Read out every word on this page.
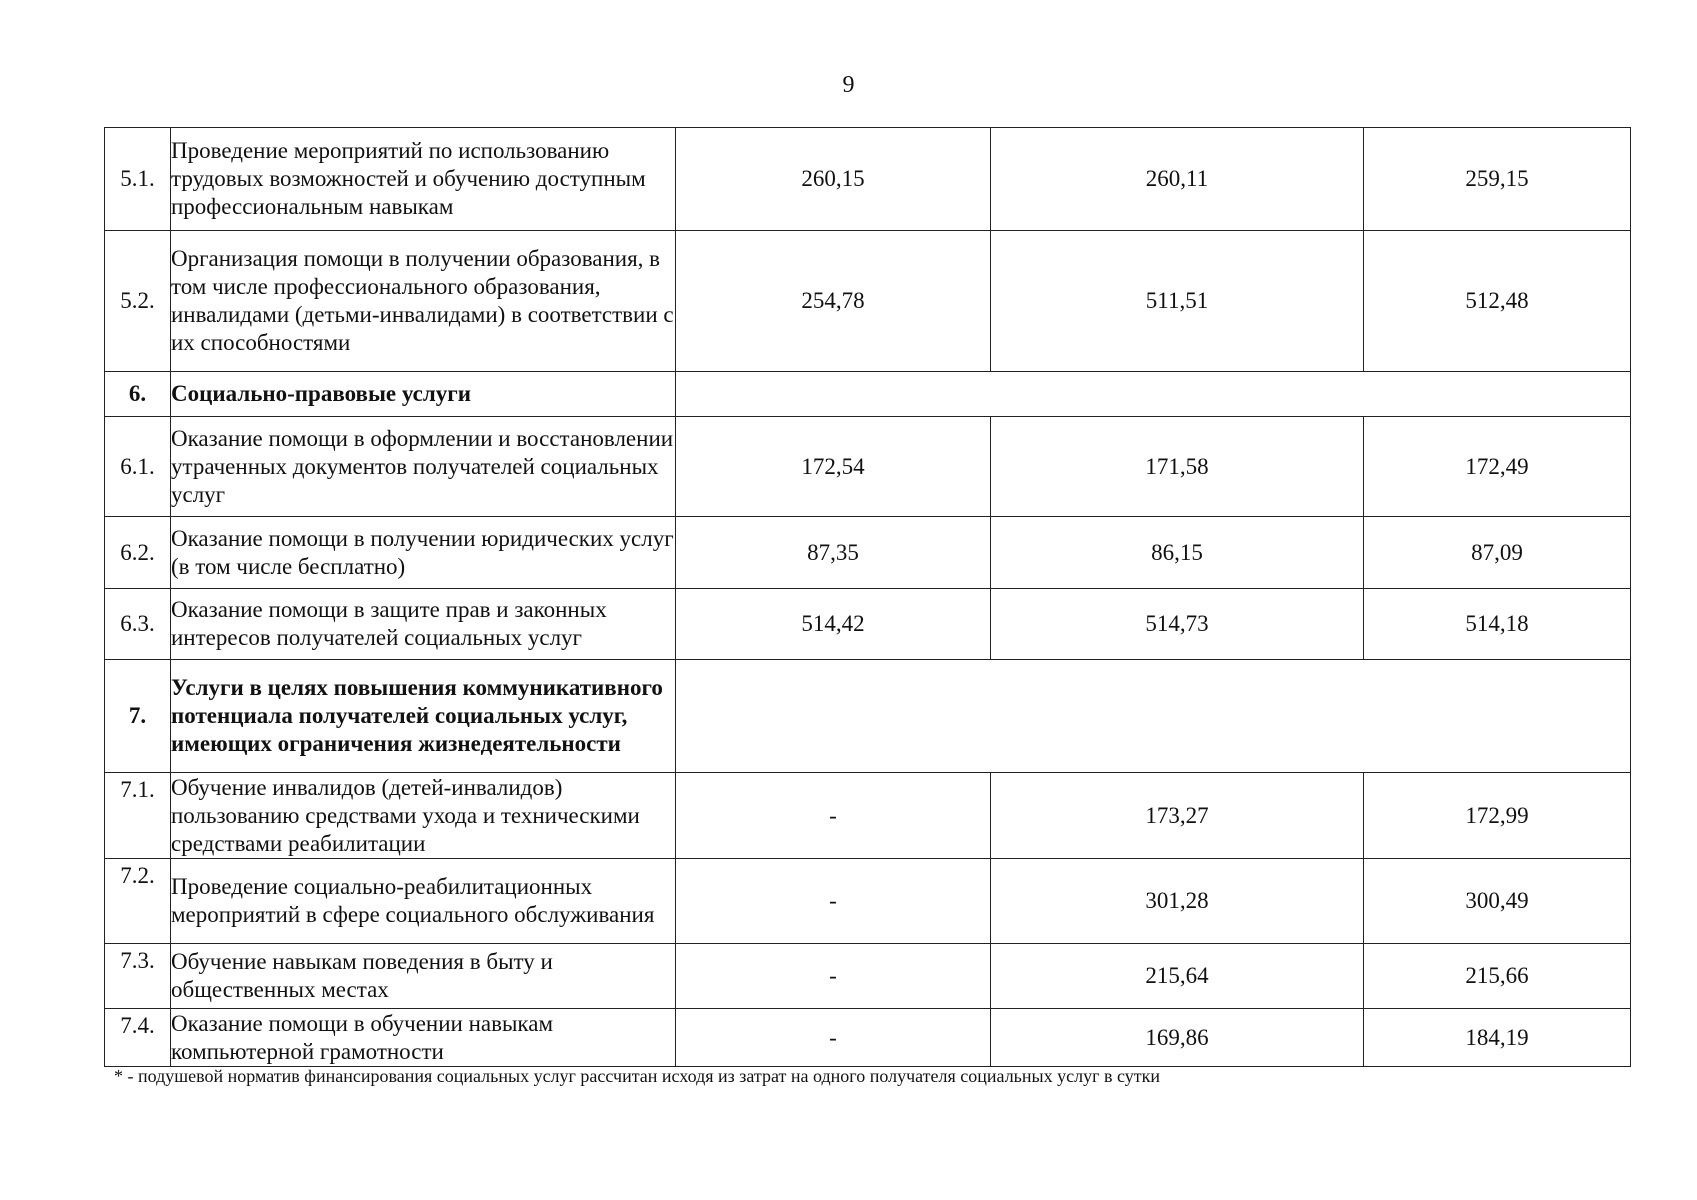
9
5.1.	Проведение мероприятий по использованию трудовых возможностей и обучению доступным профессиональным навыкам	260,15	260,11	259,15
5.2.	Организация помощи в получении образования, в том числе профессионального образования, инвалидами (детьми-инвалидами) в соответствии с их способностями	254,78	511,51	512,48
6.	Социально-правовые услуги			
6.1.	Оказание помощи в оформлении и восстановлении утраченных документов получателей социальных услуг	172,54	171,58	172,49
6.2.	Оказание помощи в получении юридических услуг (в том числе бесплатно)	87,35	86,15	87,09
6.3.	Оказание помощи в защите прав и законных интересов получателей социальных услуг	514,42	514,73	514,18
7.	Услуги в целях повышения коммуникативного потенциала получателей социальных услуг, имеющих ограничения жизнедеятельности			
7.1.	Обучение инвалидов (детей-инвалидов) пользованию средствами ухода и техническими средствами реабилитации	-	173,27	172,99
7.2.	Проведение социально-реабилитационных мероприятий в сфере социального обслуживания	-	301,28	300,49
7.3.	Обучение навыкам поведения в быту и общественных местах	-	215,64	215,66
7.4.	Оказание помощи в обучении навыкам компьютерной грамотности	-	169,86	184,19
* - подушевой норматив финансирования социальных услуг рассчитан исходя из затрат на одного получателя социальных услуг в сутки
